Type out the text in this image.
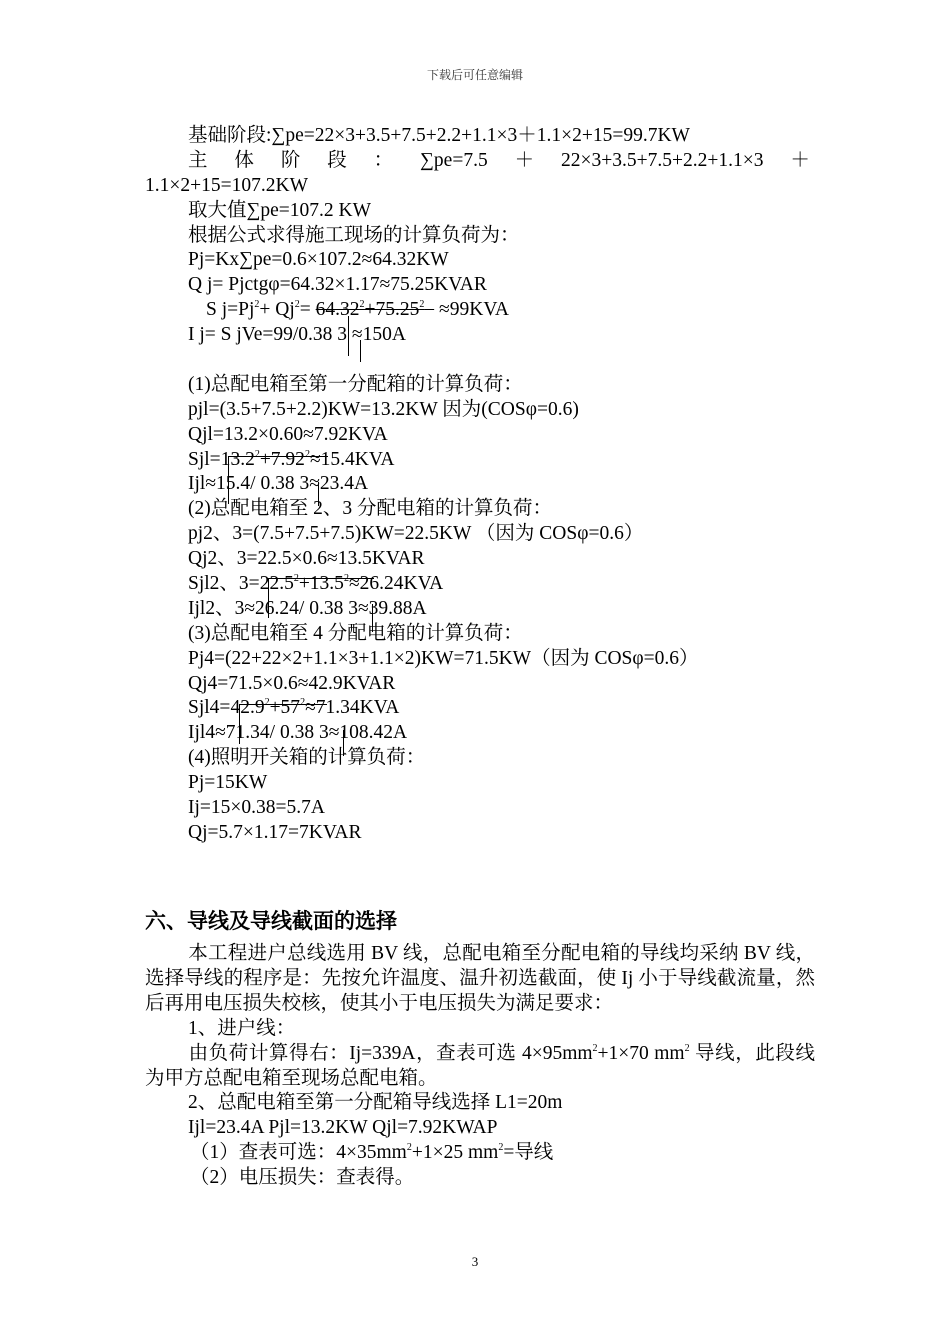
下载后可任意编辑
基础阶段:∑pe=22×3+3.5+7.5+2.2+1.1×3＋1.1×2+15=99.7KW
主 体 阶 段 ： ∑pe=7.5 ＋ 22×3+3.5+7.5+2.2+1.1×3 ＋
1.1×2+15=107.2KW
取大值∑pe=107.2 KW
根据公式求得施工现场的计算负荷为：
Pj=Kx∑pe=0.6×107.2≈64.32KW
Q j= Pjctgφ=64.32×1.17≈75.25KVAR
S $j=Pj^2+ Qj^2= 64.32^2+75.25^2 \approx 99KVA$
I j= S jVe=99/0.38 3 ≈150A
(1)总配电箱至第一分配箱的计算负荷：
pjl=(3.5+7.5+2.2)KW=13.2KW 因为(COSφ=0.6)
Qjl=13.2×0.60≈7.92KVA
$Sjl=13.2^2+7.92^2\approx 15.4KVA$
Ijl≈15.4/ 0.38 3≈23.4A
(2)总配电箱至 2、3 分配电箱的计算负荷：
pj2、3=(7.5+7.5+7.5)KW=22.5KW （因为 COSφ=0.6）
Qj2、3=22.5×0.6≈13.5KVAR
Sjl2、$3=22.5^2+13.5^2\approx 26.24KVA$
Ijl2、3≈26.24/ 0.38 3≈39.88A
(3)总配电箱至 4 分配电箱的计算负荷：
Pj4=(22+22×2+1.1×3+1.1×2)KW=71.5KW（因为 COSφ=0.6）
Qj4=71.5×0.6≈42.9KVAR
$Sjl4=42.9^2+57^2\approx 71.34KVA$
Ijl4≈71.34/ 0.38 3≈108.42A
(4)照明开关箱的计算负荷：
Pj=15KW
Ij=15×0.38=5.7A
Qj=5.7×1.17=7KVAR
六、导线及导线截面的选择
本工程进户总线选用 BV 线，总配电箱至分配电箱的导线均采纳 BV 线，选择导线的程序是：先按允许温度、温升初选截面，使 Ij 小于导线截流量，然后再用电压损失校核，使其小于电压损失为满足要求：
1、进户线：
由负荷计算得右：Ij=339A，查表可选 $4\times 95mm^2+1\times 70$ $mm^2$ 导线，此段线为甲方总配电箱至现场总配电箱。
2、总配电箱至第一分配箱导线选择 L1=20m
Ijl=23.4A Pjl=13.2KW Qjl=7.92KWAP
（1）查表可选：$4\times 35mm^2+1\times 25$ $mm^2=$导线
（2）电压损失：查表得。
3
